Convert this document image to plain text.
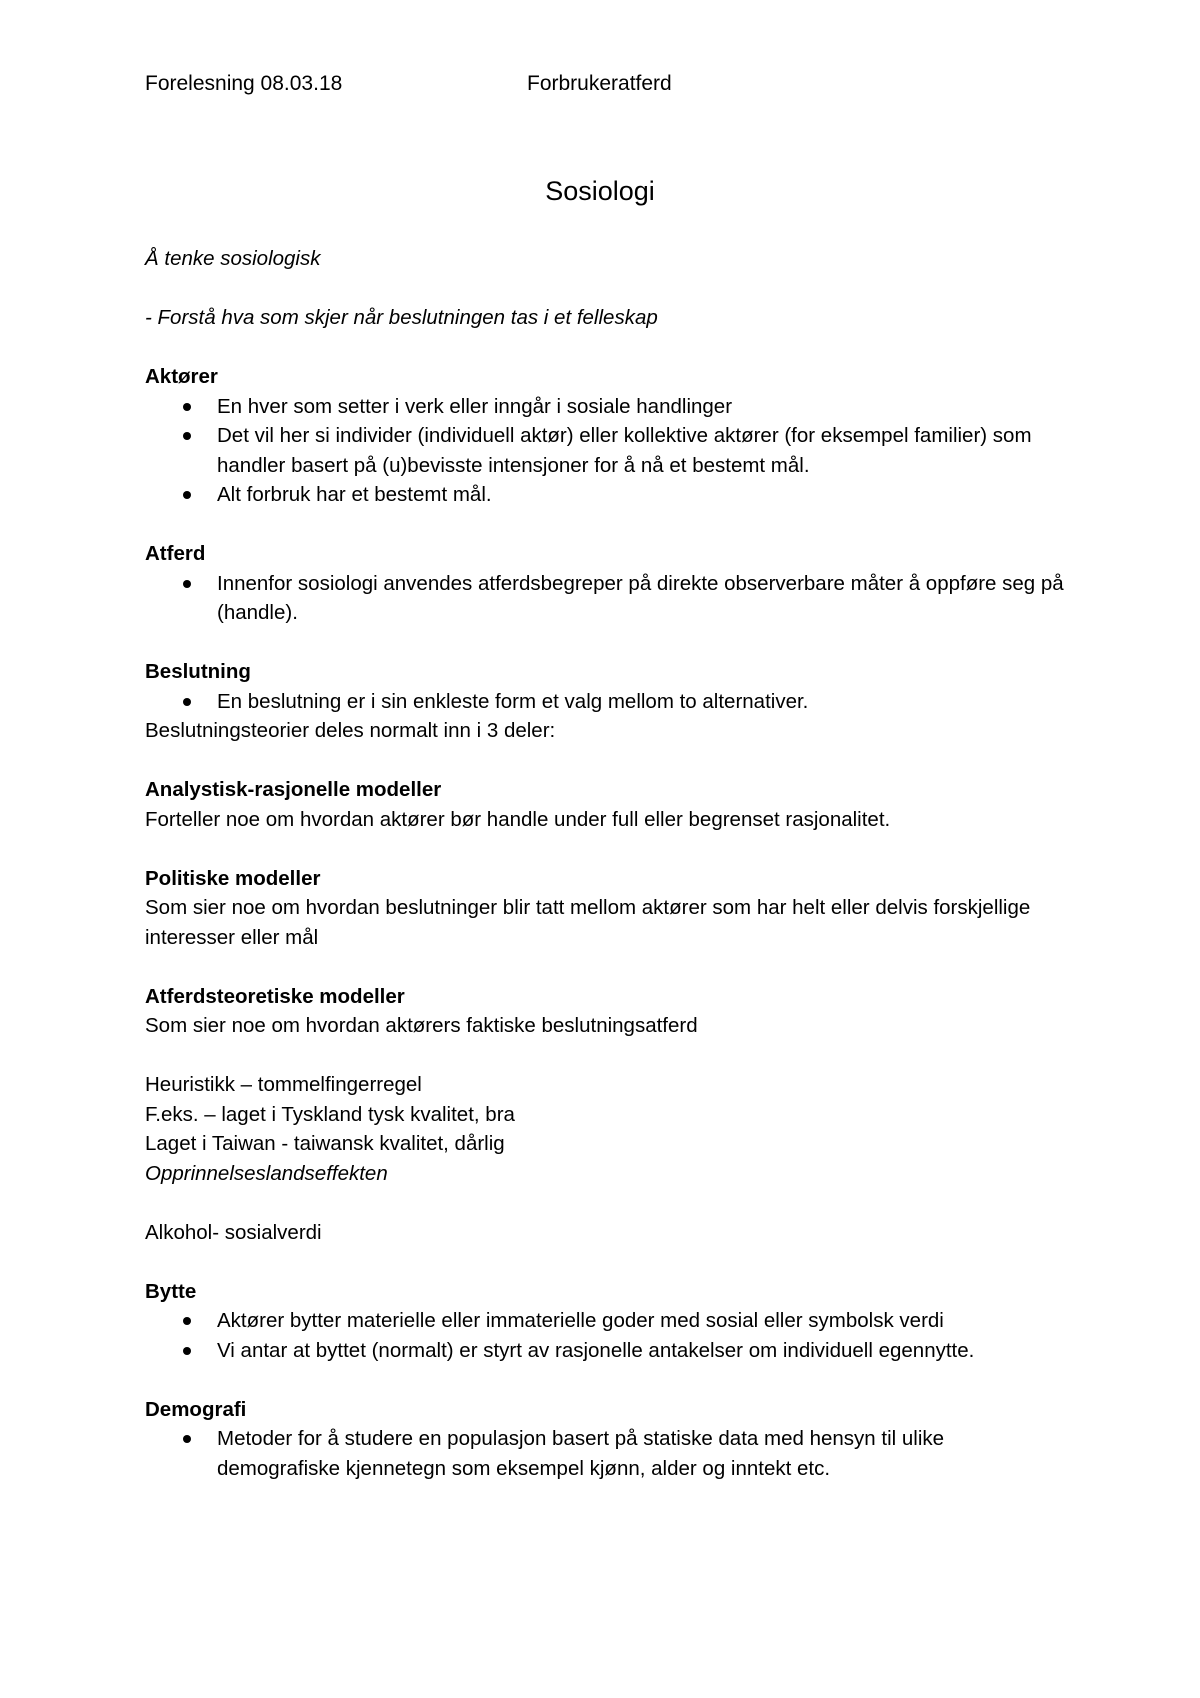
Forelesning 08.03.18	Forbrukeratferd
Sosiologi

Å tenke sosiologisk

- Forstå hva som skjer når beslutningen tas i et felleskap

Aktører

En hver som setter i verk eller inngår i sosiale handlinger
Det vil her si individer (individuell aktør) eller kollektive aktører (for eksempel familier) som handler basert på (u)bevisste intensjoner for å nå et bestemt mål.
Alt forbruk har et bestemt mål.

Atferd

Innenfor sosiologi anvendes atferdsbegreper på direkte observerbare måter å oppføre seg på (handle).

Beslutning

En beslutning er i sin enkleste form et valg mellom to alternativer.

Beslutningsteorier deles normalt inn i 3 deler:

Analystisk-rasjonelle modeller

Forteller noe om hvordan aktører bør handle under full eller begrenset rasjonalitet.

Politiske modeller

Som sier noe om hvordan beslutninger blir tatt mellom aktører som har helt eller delvis forskjellige interesser eller mål

Atferdsteoretiske modeller

Som sier noe om hvordan aktørers faktiske beslutningsatferd

Heuristikk – tommelfingerregel

F.eks. – laget i Tyskland tysk kvalitet, bra

Laget i Taiwan - taiwansk kvalitet, dårlig

Opprinnelseslandseffekten

Alkohol- sosialverdi

Bytte

Aktører bytter materielle eller immaterielle goder med sosial eller symbolsk verdi
Vi antar at byttet (normalt) er styrt av rasjonelle antakelser om individuell egennytte.

Demografi

Metoder for å studere en populasjon basert på statiske data med hensyn til ulike demografiske kjennetegn som eksempel kjønn, alder og inntekt etc.
